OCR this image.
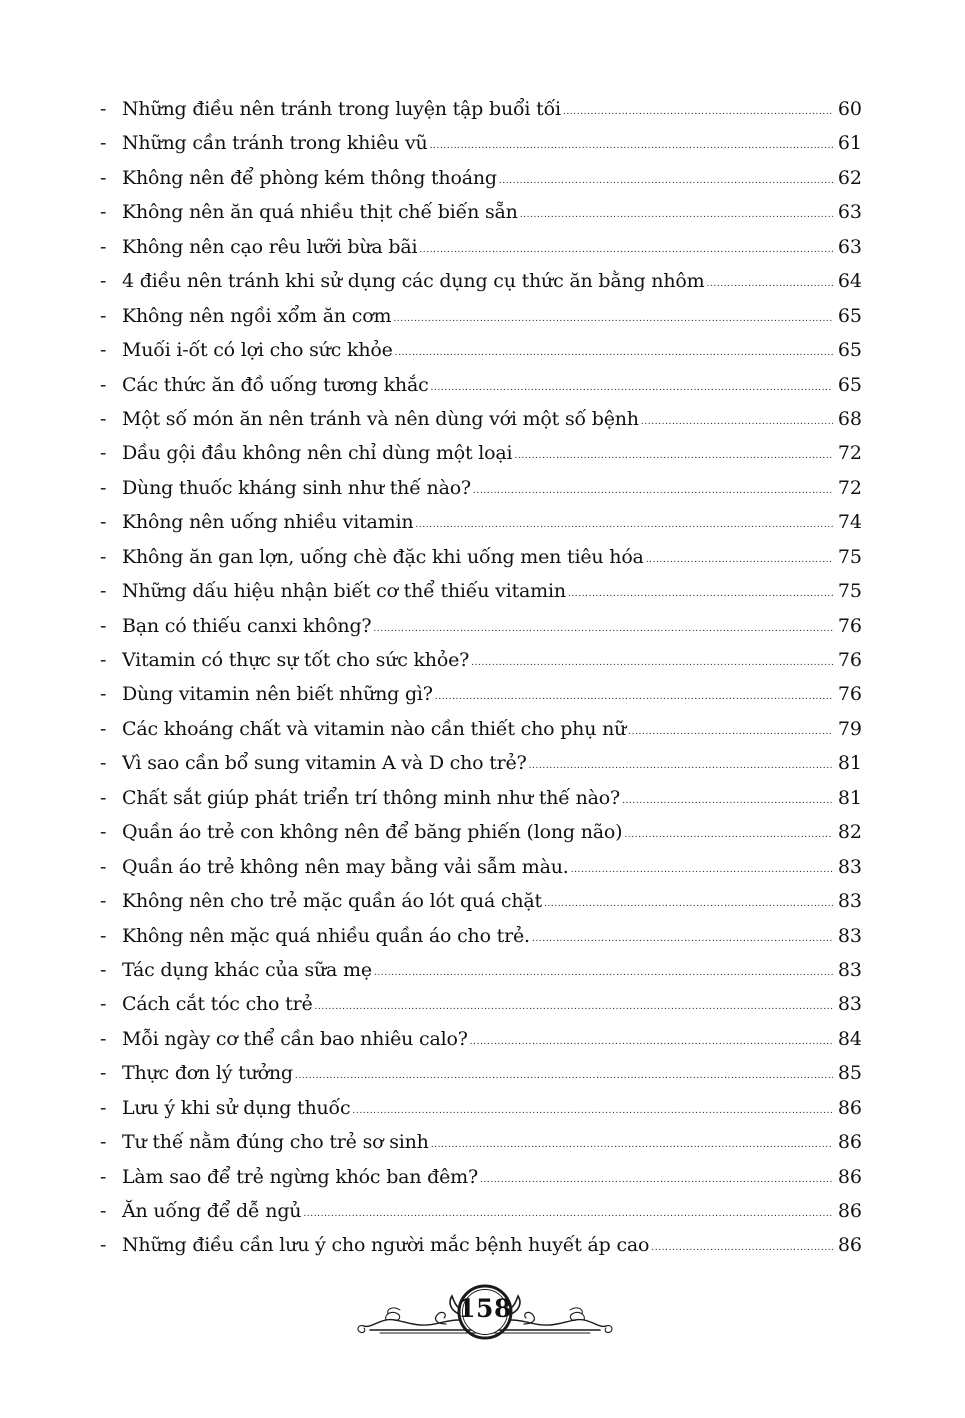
- Những điều nên tránh trong luyện tập buổi tối .....	60
- Những cần tránh trong khiêu vũ .....	61
- Không nên để phòng kém thông thoáng .....	62
- Không nên ăn quá nhiều thịt chế biến sẵn .....	63
- Không nên cạo rêu lưỡi bừa bãi .....	63
- 4 điều nên tránh khi sử dụng các dụng cụ thức ăn bằng nhôm .....	64
- Không nên ngồi xổm ăn cơm .....	65
- Muối i-ốt có lợi cho sức khỏe .....	65
- Các thức ăn đồ uống tương khắc .....	65
- Một số món ăn nên tránh và nên dùng với một số bệnh .....	68
- Dầu gội đầu không nên chỉ dùng một loại .....	72
- Dùng thuốc kháng sinh như thế nào? .....	72
- Không nên uống nhiều vitamin .....	74
- Không ăn gan lợn, uống chè đặc khi uống men tiêu hóa .....	75
- Những dấu hiệu nhận biết cơ thể thiếu vitamin .....	75
- Bạn có thiếu canxi không? .....	76
- Vitamin có thực sự tốt cho sức khỏe? .....	76
- Dùng vitamin nên biết những gì? .....	76
- Các khoáng chất và vitamin nào cần thiết cho phụ nữ .....	79
- Vì sao cần bổ sung vitamin A và D cho trẻ? .....	81
- Chất sắt giúp phát triển trí thông minh như thế nào? .....	81
- Quần áo trẻ con không nên để băng phiến (long não) .....	82
- Quần áo trẻ không nên may bằng vải sẫm màu. .....	83
- Không nên cho trẻ mặc quần áo lót quá chặt .....	83
- Không nên mặc quá nhiều quần áo cho trẻ. .....	83
- Tác dụng khác của sữa mẹ .....	83
- Cách cắt tóc cho trẻ .....	83
- Mỗi ngày cơ thể cần bao nhiêu calo? .....	84
- Thực đơn lý tưởng .....	85
- Lưu ý khi sử dụng thuốc .....	86
- Tư thế nằm đúng cho trẻ sơ sinh .....	86
- Làm sao để trẻ ngừng khóc ban đêm? .....	86
- Ăn uống để dễ ngủ .....	86
- Những điều cần lưu ý cho người mắc bệnh huyết áp cao .....	86
158
